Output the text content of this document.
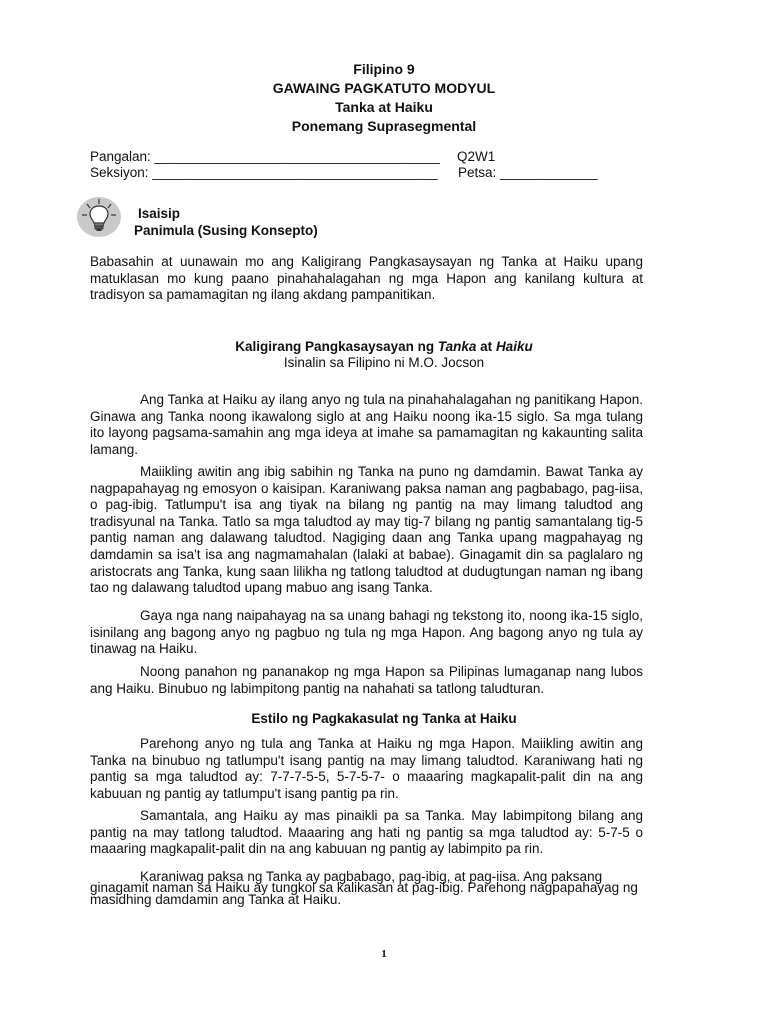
Filipino 9
GAWAING PAGKATUTO MODYUL
Tanka at Haiku
Ponemang Suprasegmental
Pangalan: ______________________________________ Q2W1
Seksiyon: ______________________________________ Petsa: _____________
Isaisip
Panimula (Susing Konsepto)
Babasahin at uunawain mo ang Kaligirang Pangkasaysayan ng Tanka at Haiku upang matuklasan mo kung paano pinahahalagahan ng mga Hapon ang kanilang kultura at tradisyon sa pamamagitan ng ilang akdang pampanitikan.
Kaligirang Pangkasaysayan ng Tanka at Haiku
Isinalin sa Filipino ni M.O. Jocson
Ang Tanka at Haiku ay ilang anyo ng tula na pinahahalagahan ng panitikang Hapon. Ginawa ang Tanka noong ikawalong siglo at ang Haiku noong ika-15 siglo. Sa mga tulang ito layong pagsama-samahin ang mga ideya at imahe sa pamamagitan ng kakaunting salita lamang.
Maiikling awitin ang ibig sabihin ng Tanka na puno ng damdamin. Bawat Tanka ay nagpapahayag ng emosyon o kaisipan. Karaniwang paksa naman ang pagbabago, pag-iisa, o pag-ibig. Tatlumpu't isa ang tiyak na bilang ng pantig na may limang taludtod ang tradisyunal na Tanka. Tatlo sa mga taludtod ay may tig-7 bilang ng pantig samantalang tig-5 pantig naman ang dalawang taludtod. Nagiging daan ang Tanka upang magpahayag ng damdamin sa isa't isa ang nagmamahalan (lalaki at babae). Ginagamit din sa paglalaro ng aristocrats ang Tanka, kung saan lilikha ng tatlong taludtod at dudugtungan naman ng ibang tao ng dalawang taludtod upang mabuo ang isang Tanka.
Gaya nga nang naipahayag na sa unang bahagi ng tekstong ito, noong ika-15 siglo, isinilang ang bagong anyo ng pagbuo ng tula ng mga Hapon. Ang bagong anyo ng tula ay tinawag na Haiku.
Noong panahon ng pananakop ng mga Hapon sa Pilipinas lumaganap nang lubos ang Haiku. Binubuo ng labimpitong pantig na nahahati sa tatlong taludturan.
Estilo ng Pagkakasulat ng Tanka at Haiku
Parehong anyo ng tula ang Tanka at Haiku ng mga Hapon. Maiikling awitin ang Tanka na binubuo ng tatlumpu't isang pantig na may limang taludtod. Karaniwang hati ng pantig sa mga taludtod ay: 7-7-7-5-5, 5-7-5-7- o maaaring magkapalit-palit din na ang kabuuan ng pantig ay tatlumpu't isang pantig pa rin.
Samantala, ang Haiku ay mas pinaikli pa sa Tanka. May labimpitong bilang ang pantig na may tatlong taludtod. Maaaring ang hati ng pantig sa mga taludtod ay: 5-7-5 o maaaring magkapalit-palit din na ang kabuuan ng pantig ay labimpito pa rin.
Karaniwag paksa ng Tanka ay pagbabago, pag-ibig, at pag-iisa. Ang paksang
ginagamit naman sa Haiku ay tungkol sa kalikasan at pag-ibig. Parehong nagpapahayag ng
masidhing damdamin ang Tanka at Haiku.
1
